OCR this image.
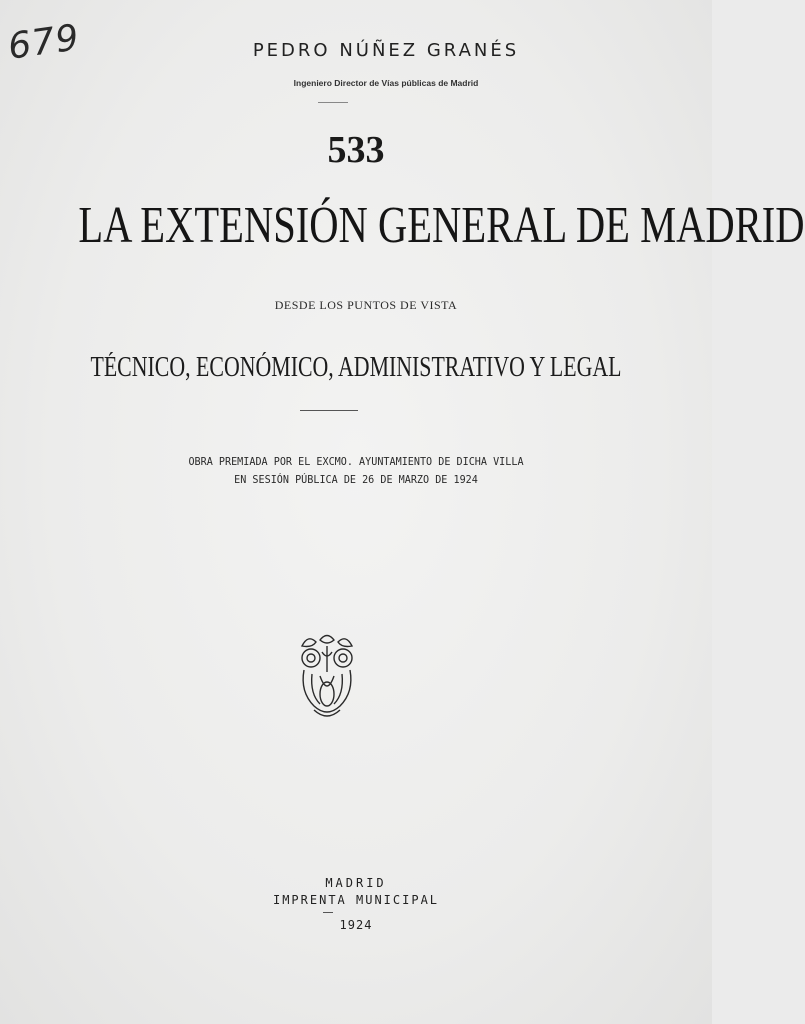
679	PEDRO NÚÑEZ GRANÉS
Ingeniero Director de Vías públicas de Madrid
533
LA EXTENSIÓN GENERAL DE MADRID
DESDE LOS PUNTOS DE VISTA
TÉCNICO, ECONÓMICO, ADMINISTRATIVO Y LEGAL
OBRA PREMIADA POR EL EXCMO. AYUNTAMIENTO DE DICHA VILLA
EN SESIÓN PÚBLICA DE 26 DE MARZO DE 1924
MADRID
IMPRENTA MUNICIPAL
1924
